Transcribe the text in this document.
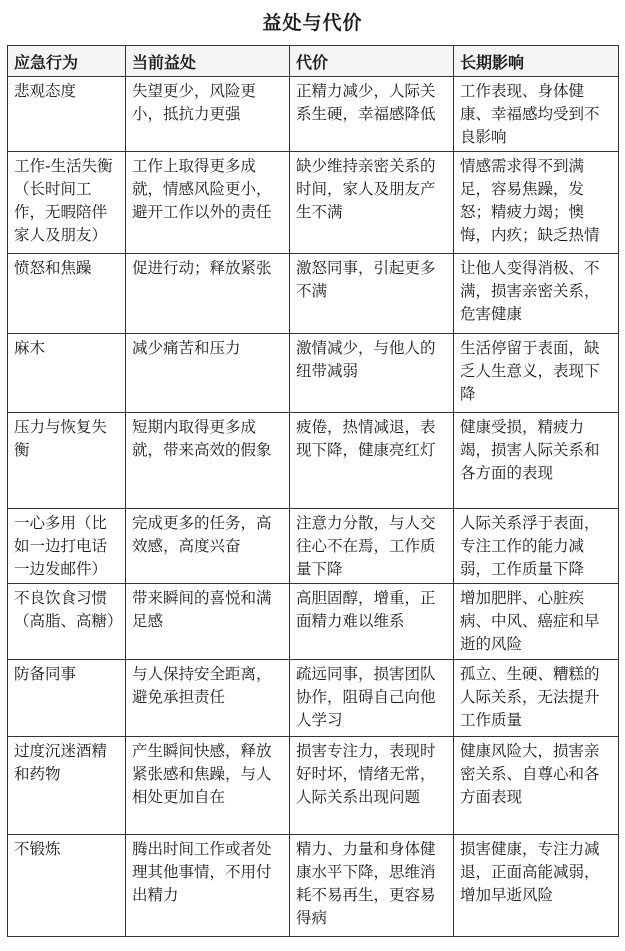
益处与代价
应急行为	当前益处	代价	长期影响
悲观态度	失望更少，风险更小，抵抗力更强	正精力减少，人际关系生硬，幸福感降低	工作表现、身体健康、幸福感均受到不良影响
工作-生活失衡（长时间工作，无暇陪伴家人及朋友）	工作上取得更多成就，情感风险更小，避开工作以外的责任	缺少维持亲密关系的时间，家人及朋友产生不满	情感需求得不到满足，容易焦躁，发怒；精疲力竭；懊悔，内疚；缺乏热情
愤怒和焦躁	促进行动；释放紧张	激怒同事，引起更多不满	让他人变得消极、不满，损害亲密关系，危害健康
麻木	减少痛苦和压力	激情减少，与他人的纽带减弱	生活停留于表面，缺乏人生意义，表现下降
压力与恢复失衡	短期内取得更多成就，带来高效的假象	疲倦，热情减退，表现下降，健康亮红灯	健康受损，精疲力竭，损害人际关系和各方面的表现
一心多用（比如一边打电话一边发邮件）	完成更多的任务，高效感，高度兴奋	注意力分散，与人交往心不在焉，工作质量下降	人际关系浮于表面，专注工作的能力减弱，工作质量下降
不良饮食习惯（高脂、高糖）	带来瞬间的喜悦和满足感	高胆固醇，增重，正面精力难以维系	增加肥胖、心脏疾病、中风、癌症和早逝的风险
防备同事	与人保持安全距离，避免承担责任	疏远同事，损害团队协作，阻碍自己向他人学习	孤立、生硬、糟糕的人际关系，无法提升工作质量
过度沉迷酒精和药物	产生瞬间快感，释放紧张感和焦躁，与人相处更加自在	损害专注力，表现时好时坏，情绪无常，人际关系出现问题	健康风险大，损害亲密关系、自尊心和各方面表现
不锻炼	腾出时间工作或者处理其他事情，不用付出精力	精力、力量和身体健康水平下降，思维消耗不易再生，更容易得病	损害健康，专注力减退，正面高能减弱，增加早逝风险
